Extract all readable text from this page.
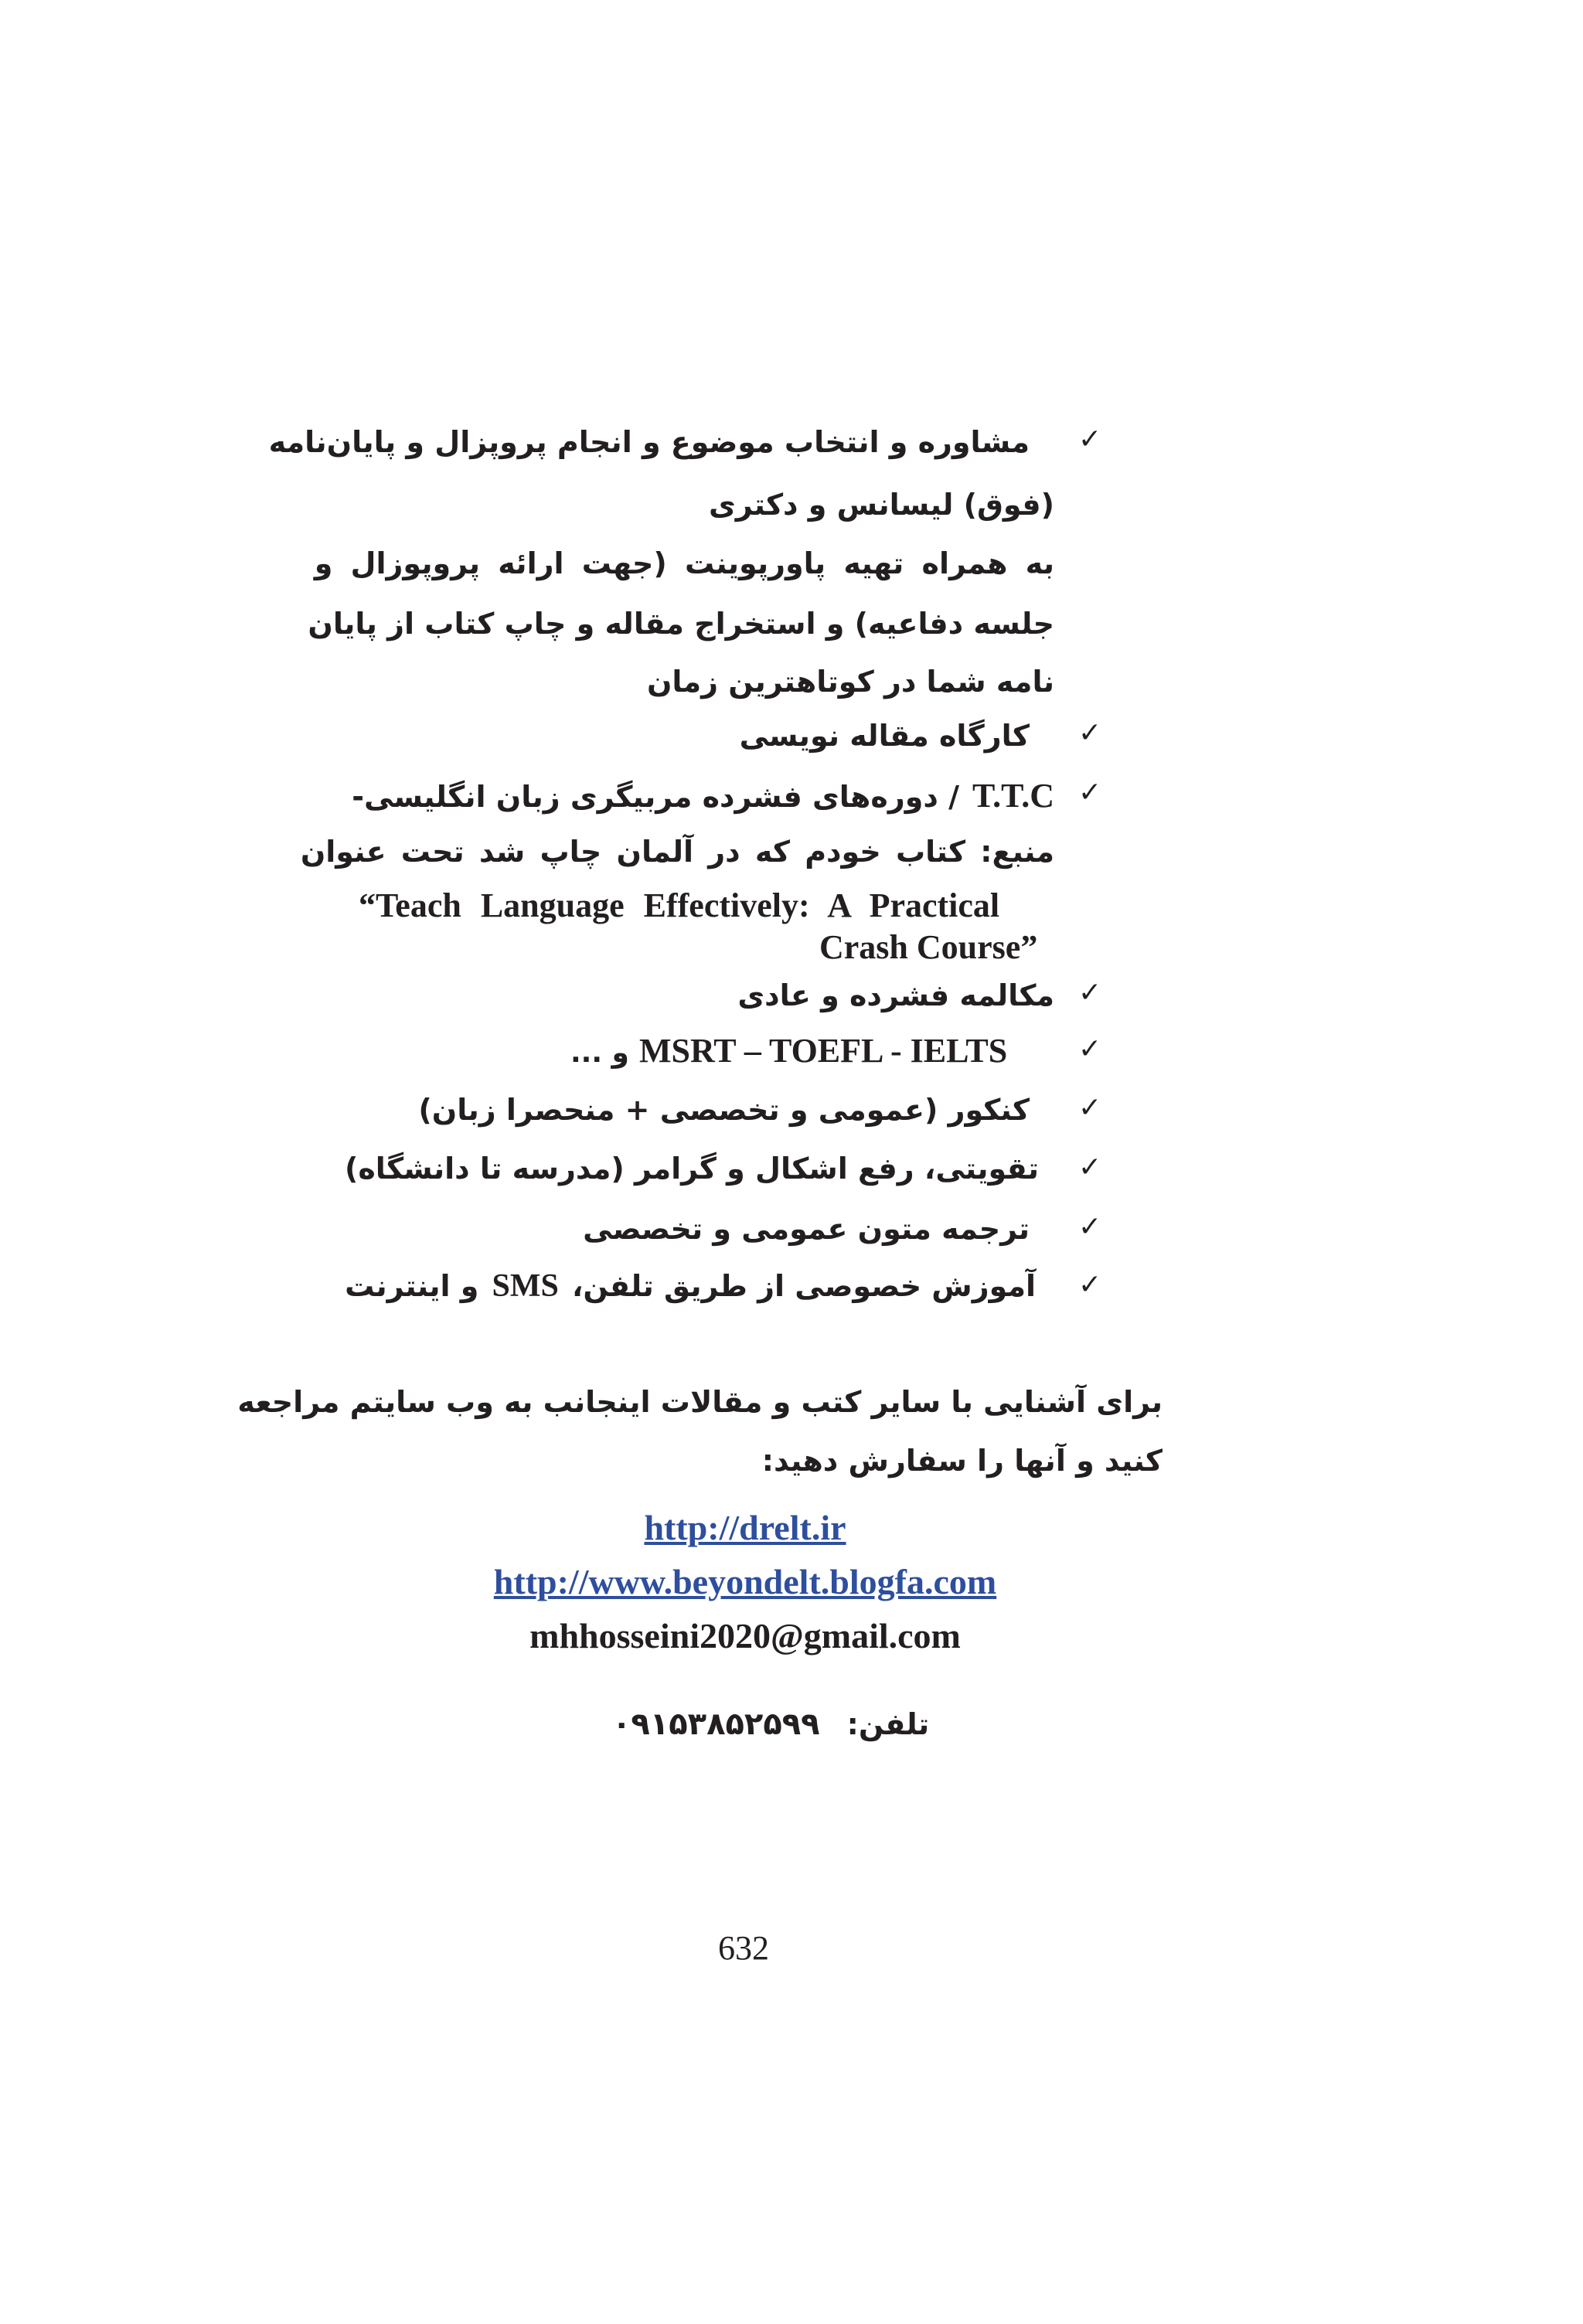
✓
مشاوره و انتخاب موضوع و انجام پروپزال و پایان‌نامه
(فوق) لیسانس و دکتری
به همراه تهیه پاورپوینت (جهت ارائه پروپوزال و
جلسه دفاعیه) و استخراج مقاله و چاپ کتاب از پایان
نامه شما در کوتاهترین زمان
✓
کارگاه مقاله نویسی
✓
/ دوره‌های فشرده مربیگری زبان انگلیسی- T.T.C
منبع: کتاب خودم که در آلمان چاپ شد تحت عنوان
“Teach Language Effectively: A Practical
Crash Course”
✓
مکالمه فشرده و عادی
✓
و ... MSRT – TOEFL - IELTS
✓
کنکور (عمومی و تخصصی + منحصرا زبان)
✓
تقویتی، رفع اشکال و گرامر (مدرسه تا دانشگاه)
✓
ترجمه متون عمومی و تخصصی
✓
آموزش خصوصی از طریق تلفن، SMS و اینترنت
برای آشنایی با سایر کتب و مقالات اینجانب به وب سایتم مراجعه
کنید و آنها را سفارش دهید:
http://drelt.ir
http://www.beyondelt.blogfa.com
mhhosseini2020@gmail.com
۰۹۱۵۳۸۵۲۵۹۹ تلفن:
632
